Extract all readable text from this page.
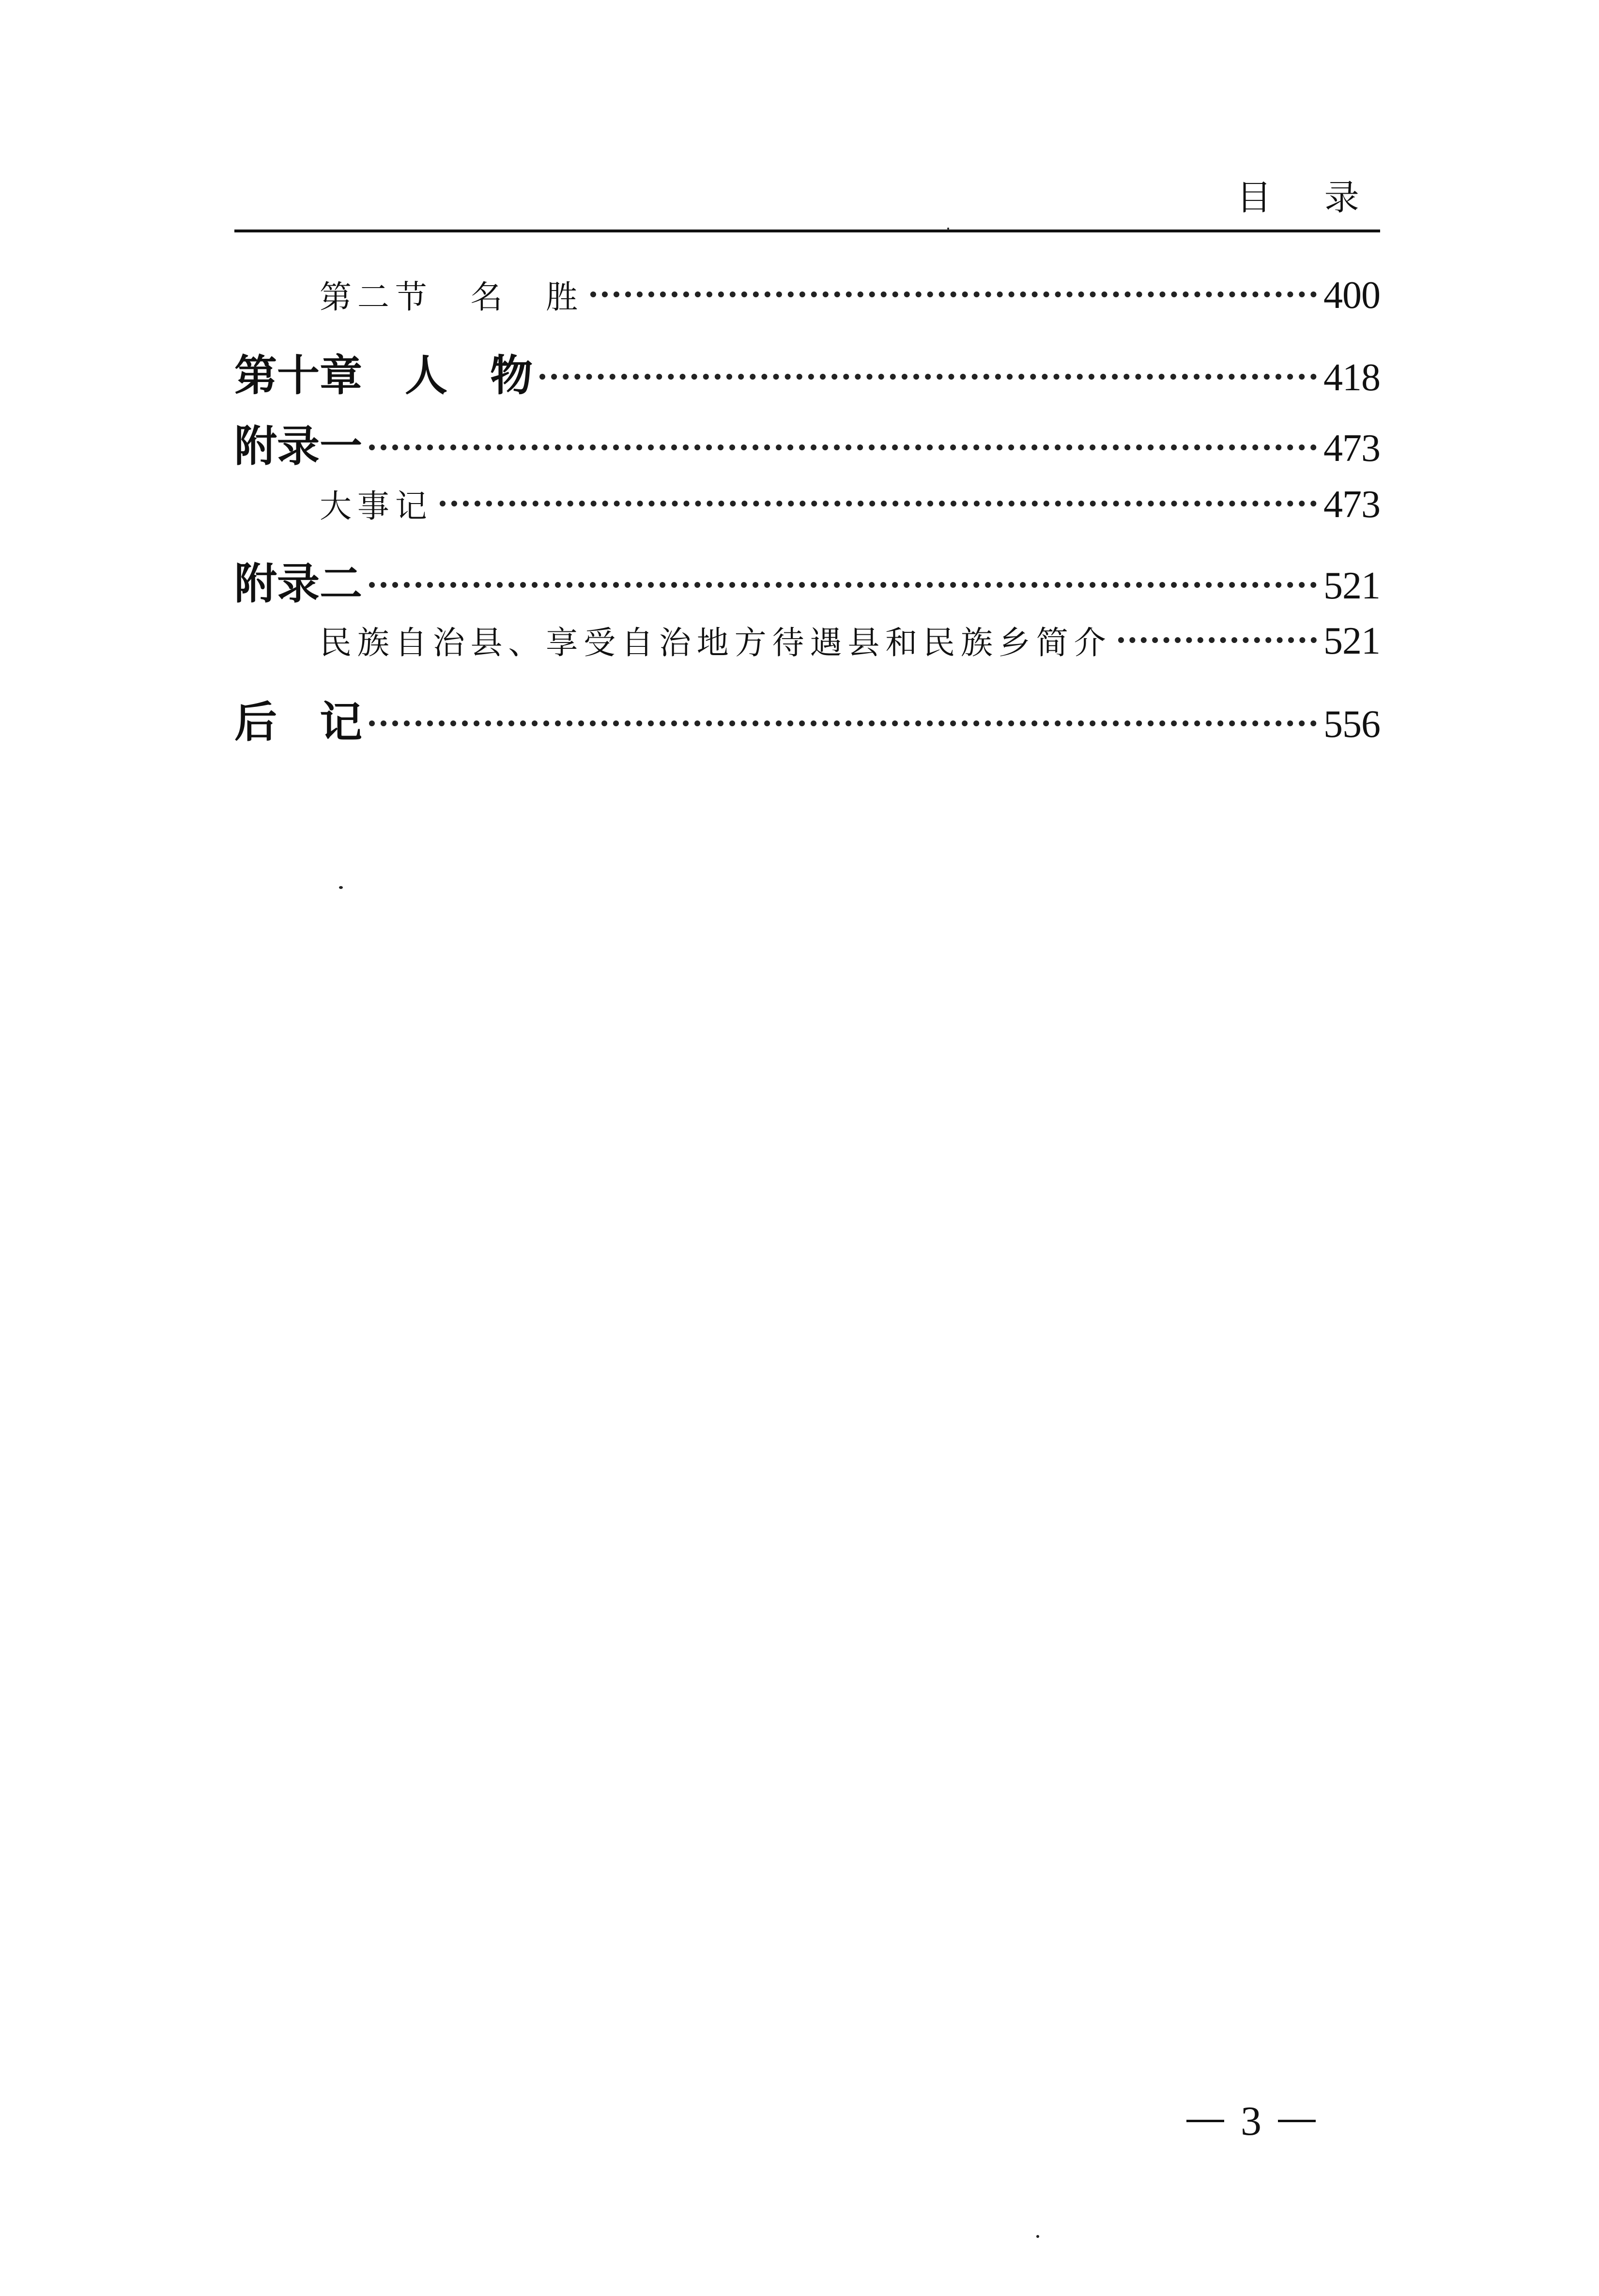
目 录
第二节　名　胜	400
第十章　人　物	418
附录一	473
大事记	473
附录二	521
民族自治县、享受自治地方待遇县和民族乡简介	521
后　记	556
3
